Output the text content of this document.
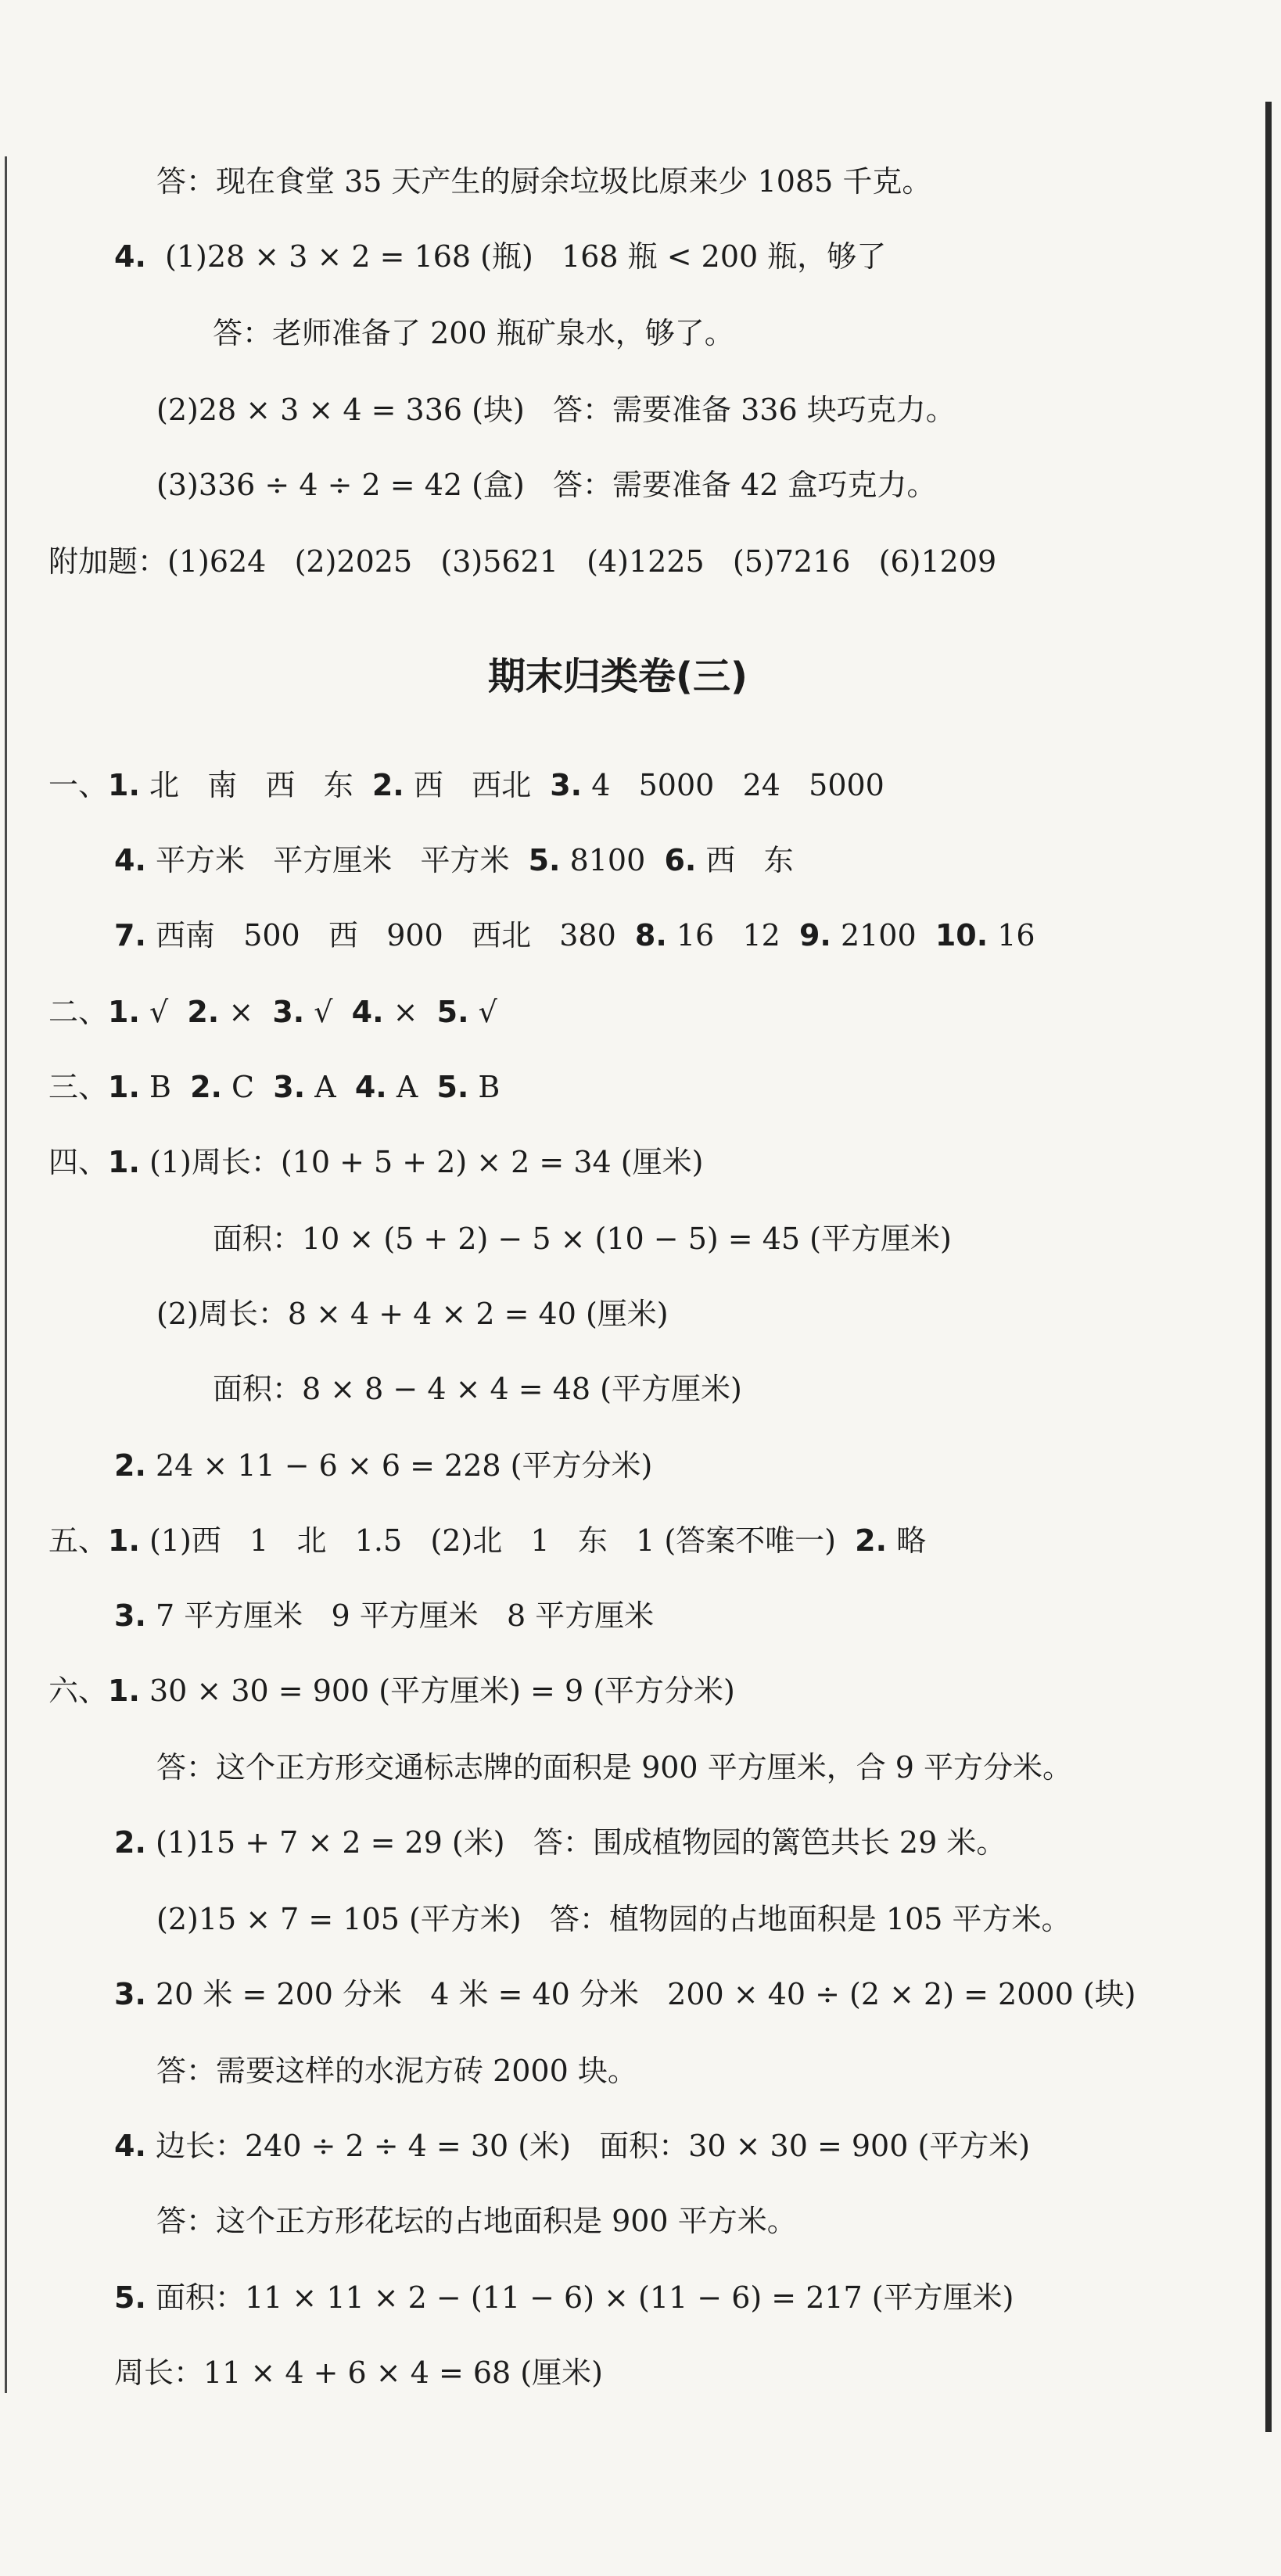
期末归类卷(三)
答：现在食堂 35 天产生的厨余垃圾比原来少 1085 千克。
4.  (1)28 × 3 × 2 = 168 (瓶)   168 瓶 < 200 瓶，够了
答：老师准备了 200 瓶矿泉水，够了。
(2)28 × 3 × 4 = 336 (块)   答：需要准备 336 块巧克力。
(3)336 ÷ 4 ÷ 2 = 42 (盒)   答：需要准备 42 盒巧克力。
附加题：(1)624   (2)2025   (3)5621   (4)1225   (5)7216   (6)1209
一、1. 北   南   西   东  2. 西   西北  3. 4   5000   24   5000
4. 平方米   平方厘米   平方米  5. 8100  6. 西   东
7. 西南   500   西   900   西北   380  8. 16   12  9. 2100  10. 16
二、1. √  2. ×  3. √  4. ×  5. √
三、1. B  2. C  3. A  4. A  5. B
四、1. (1)周长：(10 + 5 + 2) × 2 = 34 (厘米)
面积：10 × (5 + 2) − 5 × (10 − 5) = 45 (平方厘米)
(2)周长：8 × 4 + 4 × 2 = 40 (厘米)
面积：8 × 8 − 4 × 4 = 48 (平方厘米)
2. 24 × 11 − 6 × 6 = 228 (平方分米)
五、1. (1)西   1   北   1.5   (2)北   1   东   1 (答案不唯一)  2. 略
3. 7 平方厘米   9 平方厘米   8 平方厘米
六、1. 30 × 30 = 900 (平方厘米) = 9 (平方分米)
答：这个正方形交通标志牌的面积是 900 平方厘米，合 9 平方分米。
2. (1)15 + 7 × 2 = 29 (米)   答：围成植物园的篱笆共长 29 米。
(2)15 × 7 = 105 (平方米)   答：植物园的占地面积是 105 平方米。
3. 20 米 = 200 分米   4 米 = 40 分米   200 × 40 ÷ (2 × 2) = 2000 (块)
答：需要这样的水泥方砖 2000 块。
4. 边长：240 ÷ 2 ÷ 4 = 30 (米)   面积：30 × 30 = 900 (平方米)
答：这个正方形花坛的占地面积是 900 平方米。
5. 面积：11 × 11 × 2 − (11 − 6) × (11 − 6) = 217 (平方厘米)
周长：11 × 4 + 6 × 4 = 68 (厘米)
